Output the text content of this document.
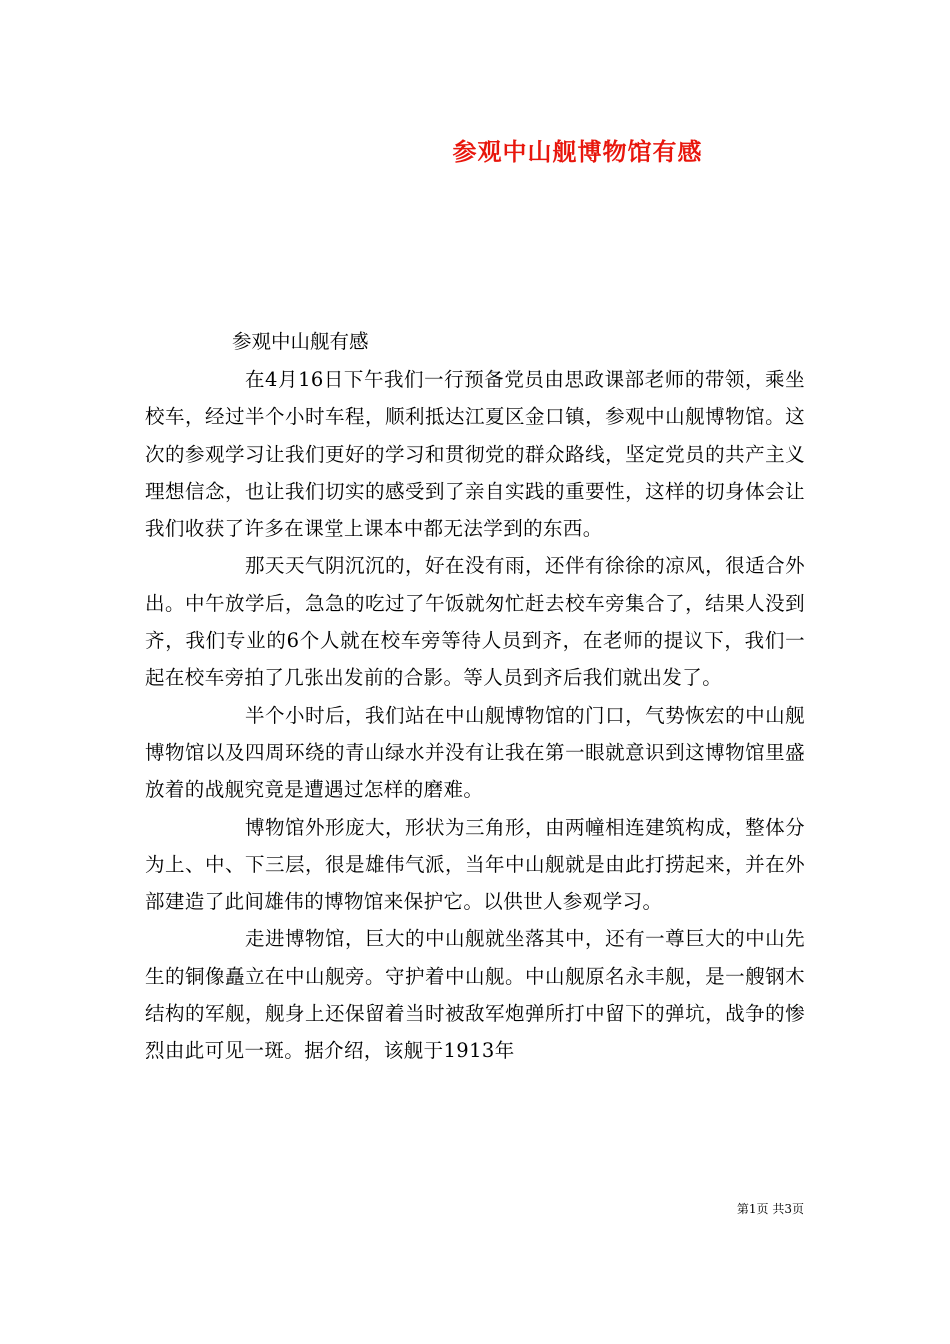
参观中山舰博物馆有感

参观中山舰有感

在4月16日下午我们一行预备党员由思政课部老师的带领，乘坐校车，经过半个小时车程，顺利抵达江夏区金口镇，参观中山舰博物馆。这次的参观学习让我们更好的学习和贯彻党的群众路线，坚定党员的共产主义理想信念，也让我们切实的感受到了亲自实践的重要性，这样的切身体会让我们收获了许多在课堂上课本中都无法学到的东西。

那天天气阴沉沉的，好在没有雨，还伴有徐徐的凉风，很适合外出。中午放学后，急急的吃过了午饭就匆忙赶去校车旁集合了，结果人没到齐，我们专业的6个人就在校车旁等待人员到齐，在老师的提议下，我们一起在校车旁拍了几张出发前的合影。等人员到齐后我们就出发了。

半个小时后，我们站在中山舰博物馆的门口，气势恢宏的中山舰博物馆以及四周环绕的青山绿水并没有让我在第一眼就意识到这博物馆里盛放着的战舰究竟是遭遇过怎样的磨难。

博物馆外形庞大，形状为三角形，由两幢相连建筑构成，整体分为上、中、下三层，很是雄伟气派，当年中山舰就是由此打捞起来，并在外部建造了此间雄伟的博物馆来保护它。以供世人参观学习。

走进博物馆，巨大的中山舰就坐落其中，还有一尊巨大的中山先生的铜像矗立在中山舰旁。守护着中山舰。中山舰原名永丰舰，是一艘钢木结构的军舰，舰身上还保留着当时被敌军炮弹所打中留下的弹坑，战争的惨烈由此可见一斑。据介绍，该舰于1913年

第1页 共3页
